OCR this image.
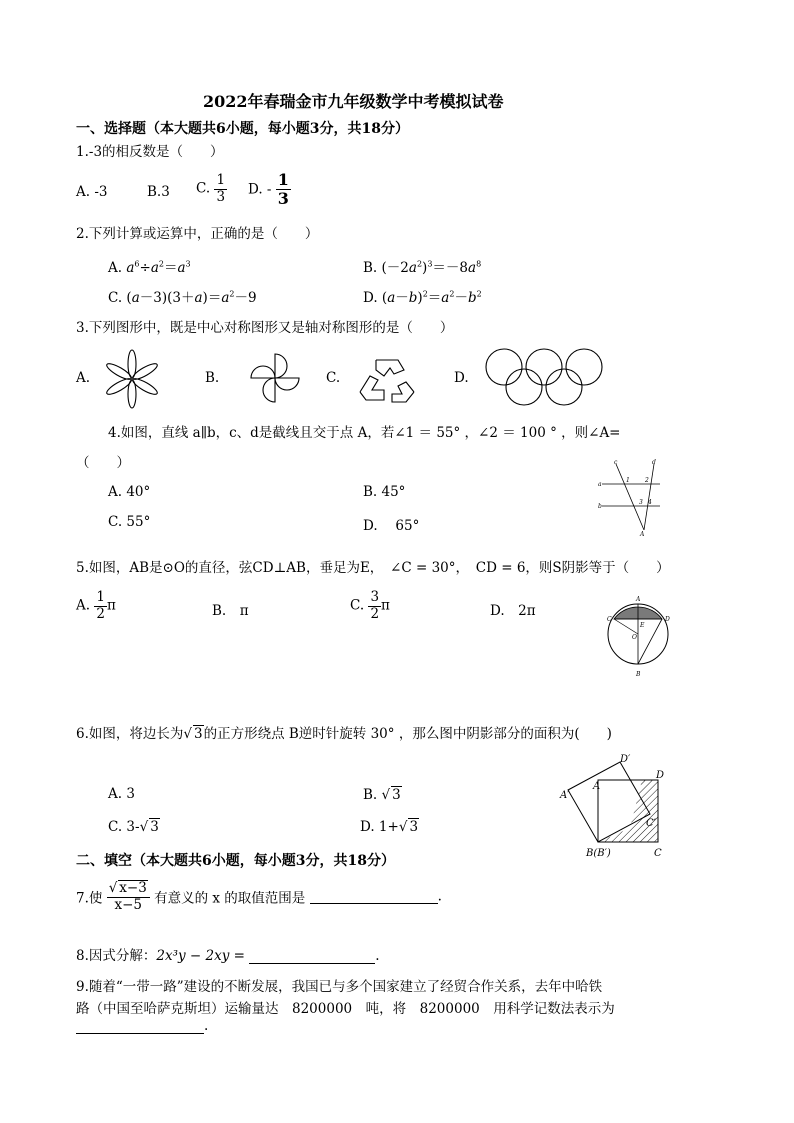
2022年春瑞金市九年级数学中考模拟试卷
一、选择题（本大题共6小题，每小题3分，共18分）
1.-3的相反数是（　　）
A. -3	B.3 C. $\frac{1}{3} D$. - $\frac{1}{3}$
2.下列计算或运算中，正确的是（　　）
A. $a^6\div a^2=a^3$	B. $(-2a^2)^3=-8a^8$
C. $(a-3)(3+a)=a^2-9$	D. $(a-b)^2=a^2-b^2$
3.下列图形中，既是中心对称图形又是轴对称图形的是（　　）
A.	B.	C.	D.
4.如图，直线 a∥b，c、d是截线且交于点 A，若∠1 ＝ 55° ，∠2 ＝ 100 ° ，则∠A=
（　　）
A. 40°	B. 45°
C. 55°	D.　 65°
c	d
a
b
A
1	2
3 4
5.如图，AB是⊙O的直径，弦CD⊥AB，垂足为E，　∠C = 30°，　CD = 6，则S阴影等于（　　）
A. $\frac{1}{2}$ π	B.　π	C. $\frac{3}{2}$ π	D.　2π
A
C	D
E
O
B
6.如图，将边长为√ 3的正方形绕点 B逆时针旋转 30° ，那么图中阴影部分的面积为(　　)
A. 3	B. √ 3
C. 3-√ 3	D. 1+√ 3
D′
D
A
A′
C′
B(B′)	C
二、填空（本大题共6小题，每小题3分，共18分）
7.使 $\frac{√ x-3}{x-5}$ 有意义的 x 的取值范围是	.
8.因式分解：2x³y − 2xy =	.
9.随着“一带一路”建设的不断发展，我国已与多个国家建立了经贸合作关系，去年中哈铁
路（中国至哈萨克斯坦）运输量达　8200000　吨，将　8200000　用科学记数法表示为
.
